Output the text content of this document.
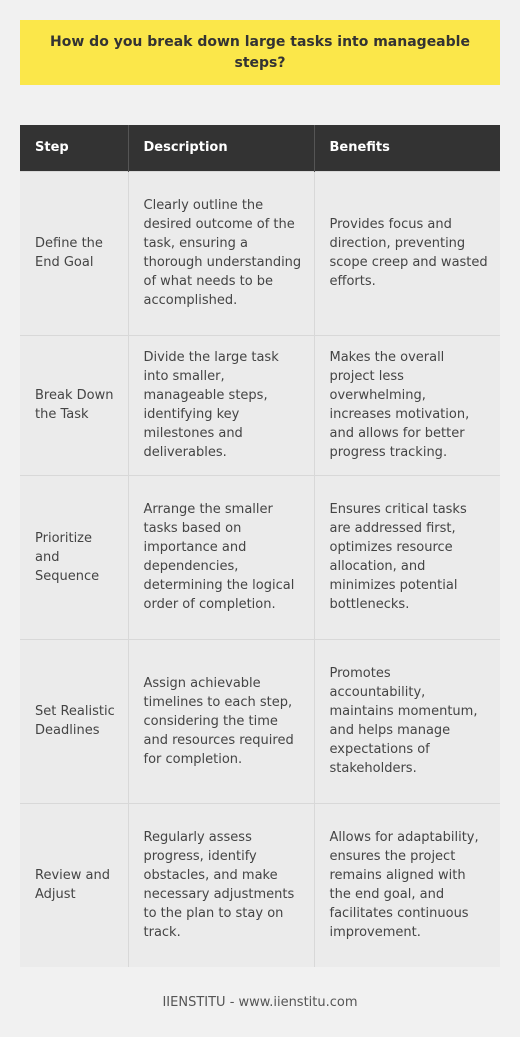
How do you break down large tasks into manageable steps?
Step	Description	Benefits
Define the End Goal	Clearly outline the desired outcome of the task, ensuring a thorough understanding of what needs to be accomplished.	Provides focus and direction, preventing scope creep and wasted efforts.
Break Down the Task	Divide the large task into smaller, manageable steps, identifying key milestones and deliverables.	Makes the overall project less overwhelming, increases motivation, and allows for better progress tracking.
Prioritize and Sequence	Arrange the smaller tasks based on importance and dependencies, determining the logical order of completion.	Ensures critical tasks are addressed first, optimizes resource allocation, and minimizes potential bottlenecks.
Set Realistic Deadlines	Assign achievable timelines to each step, considering the time and resources required for completion.	Promotes accountability, maintains momentum, and helps manage expectations of stakeholders.
Review and Adjust	Regularly assess progress, identify obstacles, and make necessary adjustments to the plan to stay on track.	Allows for adaptability, ensures the project remains aligned with the end goal, and facilitates continuous improvement.
IIENSTITU - www.iienstitu.com
